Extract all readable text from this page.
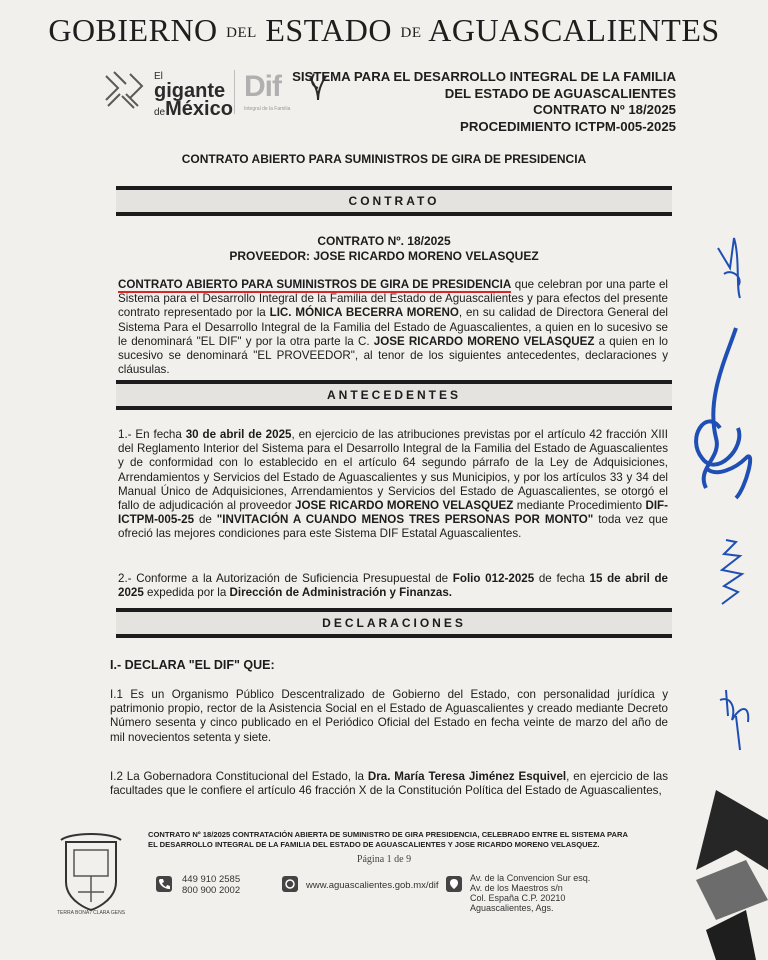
GOBIERNO DEL ESTADO DE AGUASCALIENTES
El
gigante
deMéxico
Dif
Integral de la Familia
SISTEMA PARA EL DESARROLLO INTEGRAL DE LA FAMILIA
DEL ESTADO DE AGUASCALIENTES
CONTRATO Nº 18/2025
PROCEDIMIENTO ICTPM-005-2025
CONTRATO ABIERTO PARA SUMINISTROS DE GIRA DE PRESIDENCIA
CONTRATO
CONTRATO Nº. 18/2025
PROVEEDOR: JOSE RICARDO MORENO VELASQUEZ
CONTRATO ABIERTO PARA SUMINISTROS DE GIRA DE PRESIDENCIA que celebran por una parte el Sistema para el Desarrollo Integral de la Familia del Estado de Aguascalientes y para efectos del presente contrato representado por la LIC. MÓNICA BECERRA MORENO, en su calidad de Directora General del Sistema Para el Desarrollo Integral de la Familia del Estado de Aguascalientes, a quien en lo sucesivo se le denominará "EL DIF" y por la otra parte la C. JOSE RICARDO MORENO VELASQUEZ a quien en lo sucesivo se denominará "EL PROVEEDOR", al tenor de los siguientes antecedentes, declaraciones y cláusulas.
ANTECEDENTES
1.- En fecha 30 de abril de 2025, en ejercicio de las atribuciones previstas por el artículo 42 fracción XIII del Reglamento Interior del Sistema para el Desarrollo Integral de la Familia del Estado de Aguascalientes y de conformidad con lo establecido en el artículo 64 segundo párrafo de la Ley de Adquisiciones, Arrendamientos y Servicios del Estado de Aguascalientes y sus Municipios, y por los artículos 33 y 34 del Manual Único de Adquisiciones, Arrendamientos y Servicios del Estado de Aguascalientes, se otorgó el fallo de adjudicación al proveedor JOSE RICARDO MORENO VELASQUEZ mediante Procedimiento DIF-ICTPM-005-25 de "INVITACIÓN A CUANDO MENOS TRES PERSONAS POR MONTO" toda vez que ofreció las mejores condiciones para este Sistema DIF Estatal Aguascalientes.
2.- Conforme a la Autorización de Suficiencia Presupuestal de Folio 012-2025 de fecha 15 de abril de 2025 expedida por la Dirección de Administración y Finanzas.
DECLARACIONES
I.- DECLARA "EL DIF" QUE:
I.1 Es un Organismo Público Descentralizado de Gobierno del Estado, con personalidad jurídica y patrimonio propio, rector de la Asistencia Social en el Estado de Aguascalientes y creado mediante Decreto Número sesenta y cinco publicado en el Periódico Oficial del Estado en fecha veinte de marzo del año de mil novecientos setenta y siete.
I.2 La Gobernadora Constitucional del Estado, la Dra. María Teresa Jiménez Esquivel, en ejercicio de las facultades que le confiere el artículo 46 fracción X de la Constitución Política del Estado de Aguascalientes,
TERRA BONA / CLARA GENS
CONTRATO Nº 18/2025 CONTRATACIÓN ABIERTA DE SUMINISTRO DE GIRA PRESIDENCIA, CELEBRADO ENTRE EL SISTEMA PARA EL DESARROLLO INTEGRAL DE LA FAMILIA DEL ESTADO DE AGUASCALIENTES Y JOSE RICARDO MORENO VELASQUEZ.
Página 1 de 9
449 910 2585
800 900 2002	www.aguascalientes.gob.mx/dif
Av. de la Convencion Sur esq.
Av. de los Maestros s/n
Col. España C.P. 20210
Aguascalientes, Ags.
